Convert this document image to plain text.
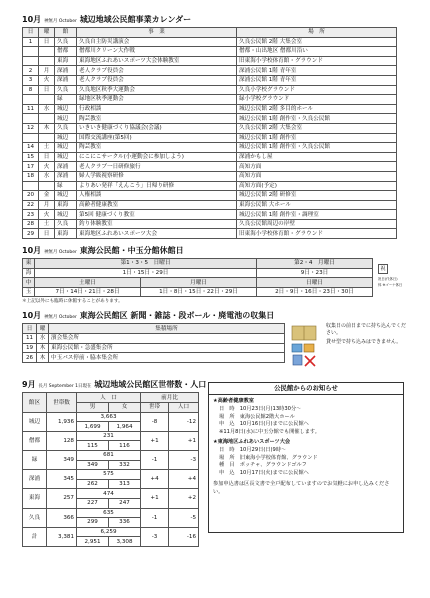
10月 神無月 October 城辺地域公民館事業カレンダー
日	曜	館	事　業	場　所
1	日	久良	久良自主防災講演会	久良公民館 2階 大集会室
		僧都	僧都川クリーン大作戦	僧都・山出地区 僧都川沿い
		東海	東海地区ふれあいスポーツ大会体験教室	旧東海小学校体育館・グラウンド
2	月	深浦	老人クラブ役員会	深浦公民館 1階 青年室
3	火	深浦	老人クラブ役員会	深浦公民館 1階 青年室
8	日	久良	久良地区秋季大運動会	久良小学校グラウンド
		緑	緑地区秋季運動会	緑小学校グラウンド
11	水	城辺	行政相談	城辺公民館 2階 多目的ホール
		城辺	陶芸教室	城辺公民館 1階 創作室・久良公民館
12	木	久良	いきいき健康づくり協議会(会議)	久良公民館 2階 大集会室
		城辺	国際交流講座(第5回)	城辺公民館 1階 創作室
14	土	城辺	陶芸教室	城辺公民館 1階 創作室・久良公民館
15	日	城辺	にこにこサークル(小運動会に参加しよう)	深浦かもし屋
17	火	深浦	老人クラブ一日研修旅行	高知方面
18	水	深浦	婦人学級視察研修	高知方面
		緑	よりあい発祥「えんこう」日帰り研修	高知方面(予定)
20	金	城辺	人権相談	城辺公民館 2階 研修室
22	月	東海	高齢者健康教室	東海公民館 大ホール
23	火	城辺	第5回 健康づくり教室	城辺公民館 1階 創作室・調理室
28	土	久良	釣り体験教室	久良公民館周辺の岸壁
29	日	東海	東海地区ふれあいスポーツ大会	旧東海小学校体育館・グラウンド
10月 神無月 October 東海公民館・中玉分館休館日
東	第1・3・5　日曜日		第2・4　月曜日
海	1日・15日・29日		9日・23日
中	土曜日	月曜日	日曜日
玉	7日・14日・21日・28日	1日・8日・15日・22日・29日	2日・9日・16日・23日・30日
祝
祝日(代休日)
休 ※ゴーナ休日
＊上記以外にも臨時に休館することがあります。
10月 神無月 October 東海公民館区 新聞・雑誌・段ボール・廃電池の収集日
日	曜	集積場所
11	水	濱会集会所
19	木	東海公民館・急盛集会所
26	木	中玉バス停前・脇本集会所
収集日の前日までに持ち込んでください。
貸せ型で持ち込みはできません。
9月 長月 September 1日現在 城辺地域公民館区世帯数・人口
館区	世帯数	人　口		前月比	
		男	女	世帯	人口
城辺	1,936	3,663		-8	-12
		1,699	1,964		
僧都	128	231		+1	+1
		115	116		
緑	349	681		-1	-3
		349	332		
深浦	345	575		+4	+4
		262	313		
東海	257	474		+1	+2
		227	247		
久良	366	635		-1	-5
		299	336		
計	3,381	6,259		-3	-16
		2,951	3,308		
公民館からのお知らせ
★高齢者健康教室
日　時　10月23日(月)13時30分～
場　所　東海公民館2階大ホール
申　込　10月16日(月)までに公民館へ
※11月8日(水)に中玉分館でも開催します。
★東海地区ふれあいスポーツ大会
日　時　10月29日(日)9時～
場　所　旧東海小学校体育館、グラウンド
種　目　ボッチャ、グラウンドゴルフ
申　込　10月17日(火)までに公民館へ
参加申込書は区長文書で全戸配布していますのでお気軽にお申し込みください。
